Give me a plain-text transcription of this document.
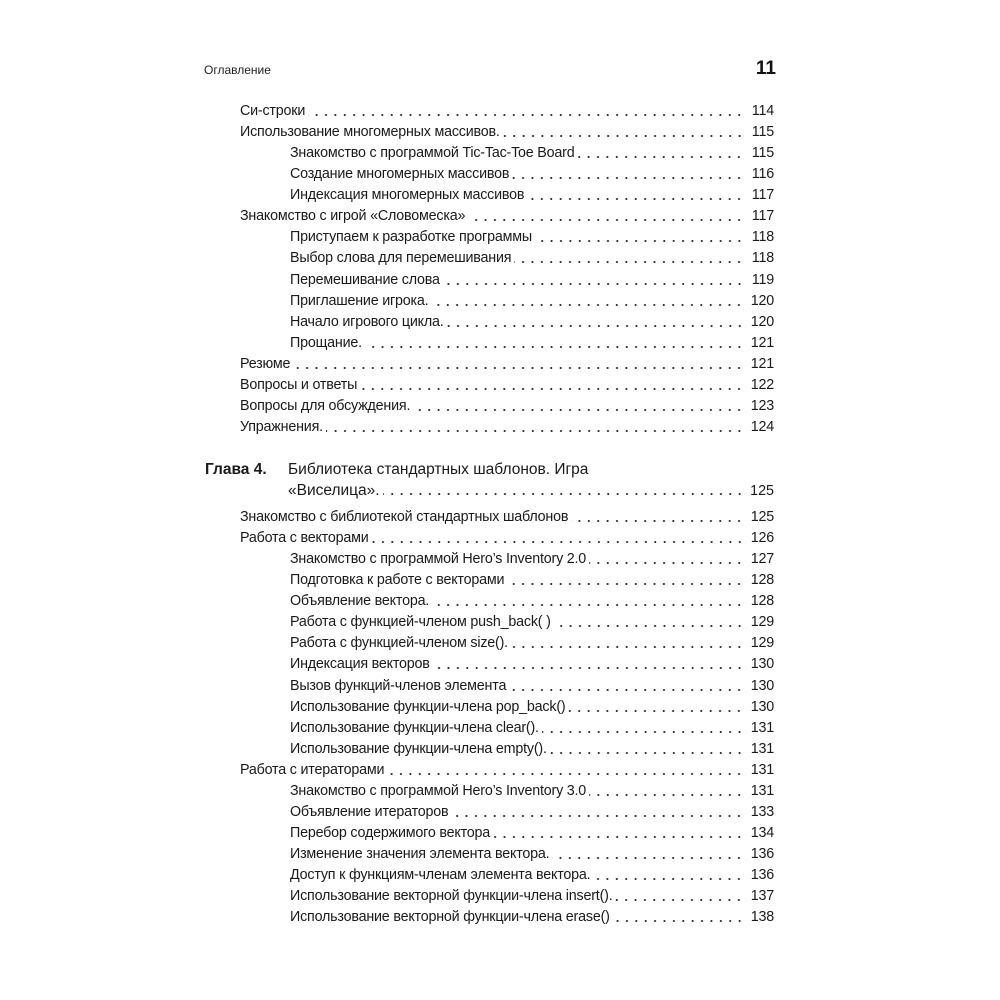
Оглавление	11
Си-строки	114
Использование многомерных массивов.	115
Знакомство с программой Tic-Tac-Toe Board	115
Создание многомерных массивов	116
Индексация многомерных массивов	117
Знакомство с игрой «Словомеска»	117
Приступаем к разработке программы	118
Выбор слова для перемешивания	118
Перемешивание слова	119
Приглашение игрока.	120
Начало игрового цикла.	120
Прощание.	121
Резюме	121
Вопросы и ответы	122
Вопросы для обсуждения.	123
Упражнения.	124
Глава 4.	Библиотека стандартных шаблонов. Игра
«Виселица».	125
Знакомство с библиотекой стандартных шаблонов	125
Работа с векторами	126
Знакомство с программой Hero’s Inventory 2.0	127
Подготовка к работе с векторами	128
Объявление вектора.	128
Работа с функцией-членом push_back( )	129
Работа с функцией-членом size().	129
Индексация векторов	130
Вызов функций-членов элемента	130
Использование функции-члена pop_back()	130
Использование функции-члена clear().	131
Использование функции-члена empty().	131
Работа с итераторами	131
Знакомство с программой Hero’s Inventory 3.0	131
Объявление итераторов	133
Перебор содержимого вектора	134
Изменение значения элемента вектора.	136
Доступ к функциям-членам элемента вектора.	136
Использование векторной функции-члена insert().	137
Использование векторной функции-члена erase()	138
